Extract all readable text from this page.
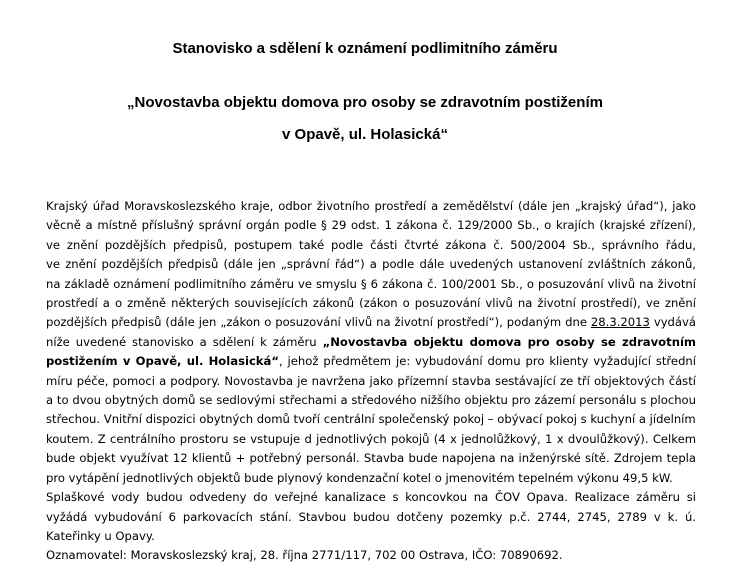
Stanovisko a sdělení k oznámení podlimitního záměru
„Novostavba objektu domova pro osoby se zdravotním postižením
v Opavě, ul. Holasická“
Krajský úřad Moravskoslezského kraje, odbor životního prostředí a zemědělství (dále jen „krajský úřad“), jako
věcně a místně příslušný správní orgán podle § 29 odst. 1 zákona č. 129/2000 Sb., o krajích (krajské zřízení),
ve znění pozdějších předpisů, postupem také podle části čtvrté zákona č. 500/2004 Sb., správního řádu,
ve znění pozdějších předpisů (dále jen „správní řád“) a podle dále uvedených ustanovení zvláštních zákonů,
na základě oznámení podlimitního záměru ve smyslu § 6 zákona č. 100/2001 Sb., o posuzování vlivů na životní
prostředí a o změně některých souvisejících zákonů (zákon o posuzování vlivů na životní prostředí), ve znění
pozdějších předpisů (dále jen „zákon o posuzování vlivů na životní prostředí“), podaným dne 28.3.2013 vydává
níže uvedené stanovisko a sdělení k záměru „Novostavba objektu domova pro osoby se zdravotním
postižením v Opavě, ul. Holasická“, jehož předmětem je: vybudování domu pro klienty vyžadující střední
míru péče, pomoci a podpory. Novostavba je navržena jako přízemní stavba sestávající ze tří objektových částí
a to dvou obytných domů se sedlovými střechami a středového nižšího objektu pro zázemí personálu s plochou
střechou. Vnitřní dispozici obytných domů tvoří centrální společenský pokoj – obývací pokoj s kuchyní a jídelním
koutem. Z centrálního prostoru se vstupuje d jednotlivých pokojů (4 x jednolůžkový, 1 x dvoulůžkový). Celkem
bude objekt využívat 12 klientů + potřebný personál. Stavba bude napojena na inženýrské sítě. Zdrojem tepla
pro vytápění jednotlivých objektů bude plynový kondenzační kotel o jmenovitém tepelném výkonu 49,5 kW.
Splaškové vody budou odvedeny do veřejné kanalizace s koncovkou na ČOV Opava. Realizace záměru si
vyžádá vybudování 6 parkovacích stání. Stavbou budou dotčeny pozemky p.č. 2744, 2745, 2789 v k. ú.
Kateřinky u Opavy.
Oznamovatel: Moravskoslezský kraj, 28. října 2771/117, 702 00 Ostrava, IČO: 70890692.
